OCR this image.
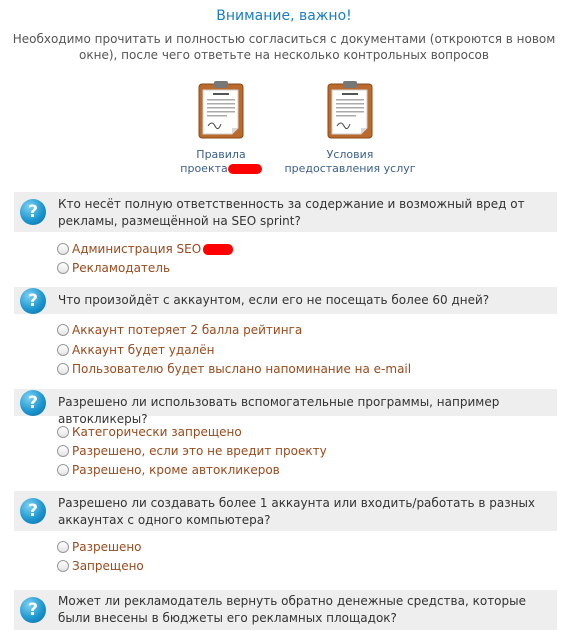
Внимание, важно!
Необходимо прочитать и полностью согласиться с документами (откроются в новом окне), после чего ответьте на несколько контрольных вопросов
Правила
проекта
Условия
предоставления услуг
?	Кто несёт полную ответственность за содержание и возможный вред от рекламы, размещённой на SEO sprint?
Администрация SEO
Рекламодатель
?	Что произойдёт с аккаунтом, если его не посещать более 60 дней?
Аккаунт потеряет 2 балла рейтинга
Аккаунт будет удалён
Пользователю будет выслано напоминание на e-mail
?	Разрешено ли использовать вспомогательные программы, например автокликеры?
Категорически запрещено
Разрешено, если это не вредит проекту
Разрешено, кроме автокликеров
?	Разрешено ли создавать более 1 аккаунта или входить/работать в разных аккаунтах с одного компьютера?
Разрешено
Запрещено
?	Может ли рекламодатель вернуть обратно денежные средства, которые были внесены в бюджеты его рекламных площадок?
